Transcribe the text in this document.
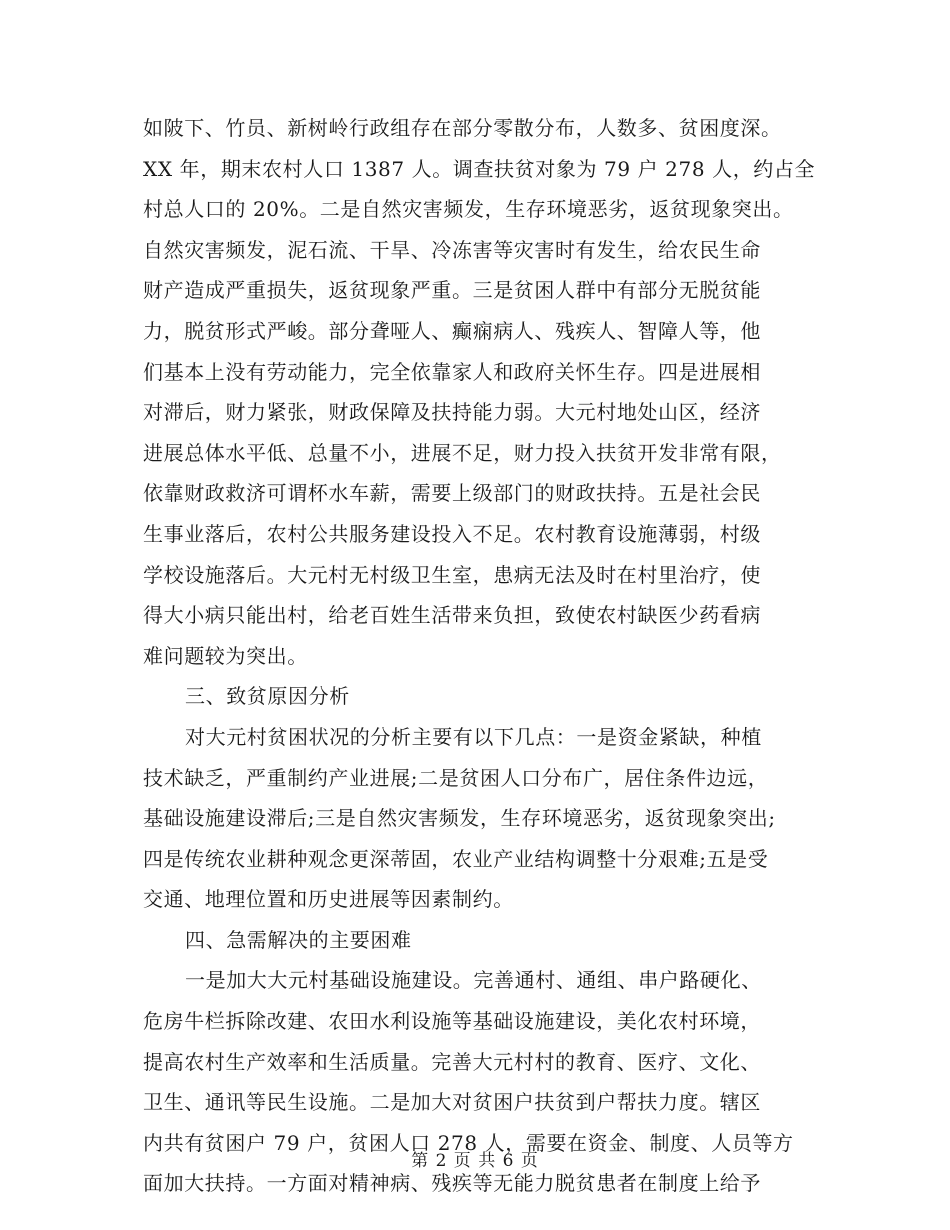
如陂下、竹员、新树岭行政组存在部分零散分布，人数多、贫困度深。
XX 年，期末农村人口 1387 人。调查扶贫对象为 79 户 278 人，约占全
村总人口的 20%。二是自然灾害频发，生存环境恶劣，返贫现象突出。
自然灾害频发，泥石流、干旱、冷冻害等灾害时有发生，给农民生命
财产造成严重损失，返贫现象严重。三是贫困人群中有部分无脱贫能
力，脱贫形式严峻。部分聋哑人、癫痫病人、残疾人、智障人等，他
们基本上没有劳动能力，完全依靠家人和政府关怀生存。四是进展相
对滞后，财力紧张，财政保障及扶持能力弱。大元村地处山区，经济
进展总体水平低、总量不小，进展不足，财力投入扶贫开发非常有限，
依靠财政救济可谓杯水车薪，需要上级部门的财政扶持。五是社会民
生事业落后，农村公共服务建设投入不足。农村教育设施薄弱，村级
学校设施落后。大元村无村级卫生室，患病无法及时在村里治疗，使
得大小病只能出村，给老百姓生活带来负担，致使农村缺医少药看病
难问题较为突出。
三、致贫原因分析
对大元村贫困状况的分析主要有以下几点：一是资金紧缺，种植
技术缺乏，严重制约产业进展;二是贫困人口分布广，居住条件边远，
基础设施建设滞后;三是自然灾害频发，生存环境恶劣，返贫现象突出;
四是传统农业耕种观念更深蒂固，农业产业结构调整十分艰难;五是受
交通、地理位置和历史进展等因素制约。
四、急需解决的主要困难
一是加大大元村基础设施建设。完善通村、通组、串户路硬化、
危房牛栏拆除改建、农田水利设施等基础设施建设，美化农村环境，
提高农村生产效率和生活质量。完善大元村村的教育、医疗、文化、
卫生、通讯等民生设施。二是加大对贫困户扶贫到户帮扶力度。辖区
内共有贫困户 79 户，贫困人口 278 人，需要在资金、制度、人员等方
面加大扶持。一方面对精神病、残疾等无能力脱贫患者在制度上给予
第 2 页 共 6 页
